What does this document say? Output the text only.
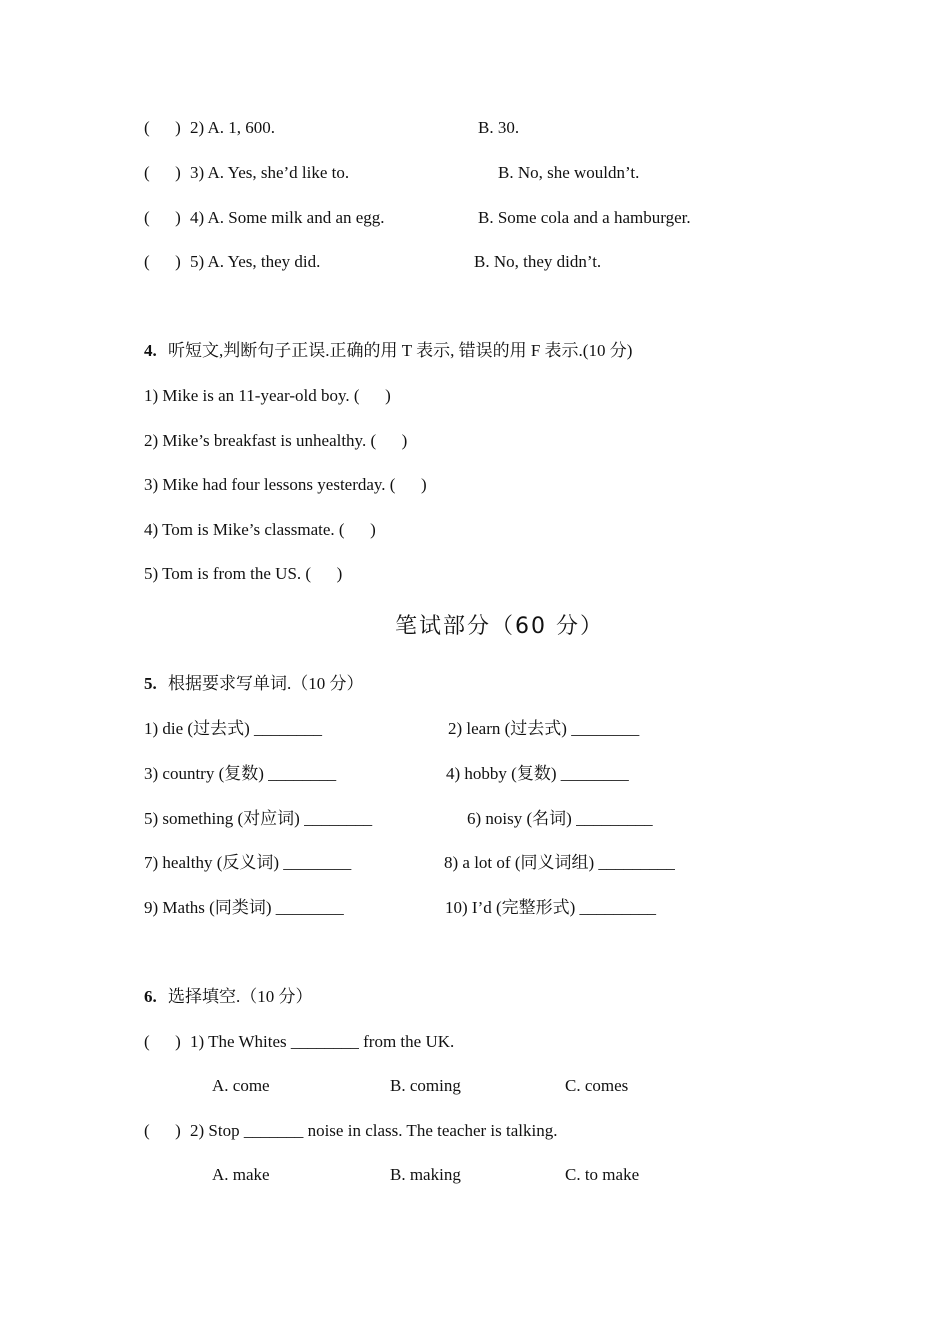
(      ) 2) A. 1, 600.	B. 30.
(      ) 3) A. Yes, she’d like to.	B. No, she wouldn’t.
(      ) 4) A. Some milk and an egg.	B. Some cola and a hamburger.
(      ) 5) A. Yes, they did.	B. No, they didn’t.
4. 听短文,判断句子正误.正确的用 T 表示, 错误的用 F 表示.(10 分)
1) Mike is an 11-year-old boy. (      )
2) Mike’s breakfast is unhealthy. (      )
3) Mike had four lessons yesterday. (      )
4) Tom is Mike’s classmate. (      )
5) Tom is from the US. (      )
笔试部分（60 分）
5. 根据要求写单词.（10 分）
1) die (过去式) ________	2) learn (过去式) ________
3) country (复数) ________	4) hobby (复数) ________
5) something (对应词) ________	6) noisy (名词) _________
7) healthy (反义词) ________	8) a lot of (同义词组) _________
9) Maths (同类词) ________	10) I’d (完整形式) _________
6. 选择填空.（10 分）
(      ) 1) The Whites ________ from the UK.
A. come	B. coming	C. comes
(      ) 2) Stop _______ noise in class. The teacher is talking.
A. make	B. making	C. to make
